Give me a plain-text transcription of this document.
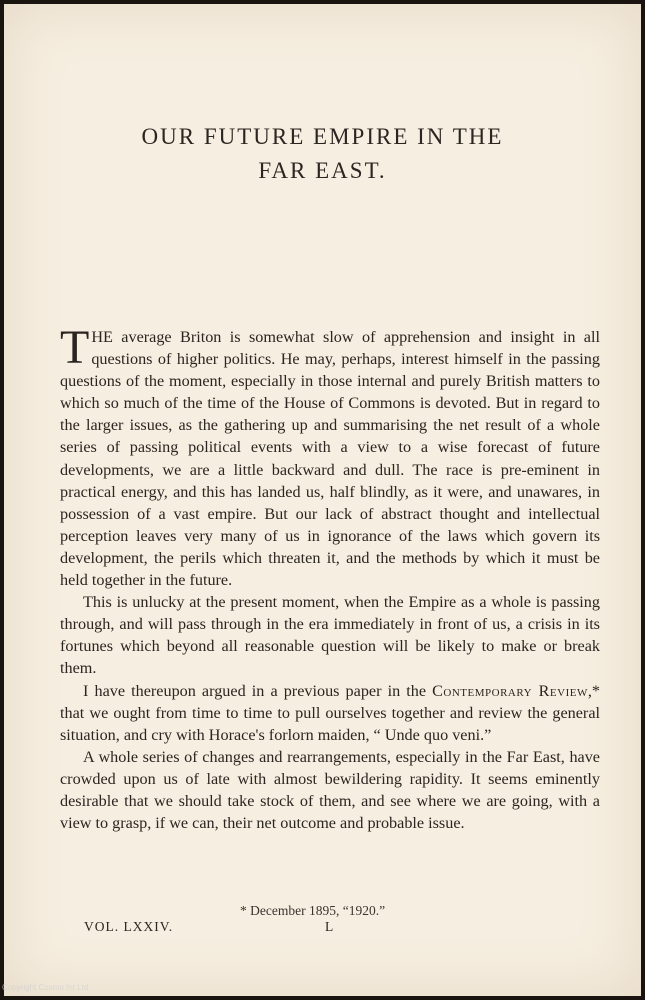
OUR FUTURE EMPIRE IN THE
FAR EAST.

THE average Briton is somewhat slow of apprehension and insight in all questions of higher politics. He may, perhaps, interest himself in the passing questions of the moment, especially in those internal and purely British matters to which so much of the time of the House of Commons is devoted. But in regard to the larger issues, as the gathering up and summarising the net result of a whole series of passing political events with a view to a wise forecast of future developments, we are a little backward and dull. The race is pre-eminent in practical energy, and this has landed us, half blindly, as it were, and unawares, in possession of a vast empire. But our lack of abstract thought and intellectual perception leaves very many of us in ignorance of the laws which govern its development, the perils which threaten it, and the methods by which it must be held together in the future.

This is unlucky at the present moment, when the Empire as a whole is passing through, and will pass through in the era immediately in front of us, a crisis in its fortunes which beyond all reasonable question will be likely to make or break them.

I have thereupon argued in a previous paper in the Contemporary Review,* that we ought from time to time to pull ourselves together and review the general situation, and cry with Horace's forlorn maiden, “ Unde quo veni.”

A whole series of changes and rearrangements, especially in the Far East, have crowded upon us of late with almost bewildering rapidity. It seems eminently desirable that we should take stock of them, and see where we are going, with a view to grasp, if we can, their net outcome and probable issue.

* December 1895, “1920.”
VOL. LXXIV.	L
Copyright Cosmo Int Ltd
